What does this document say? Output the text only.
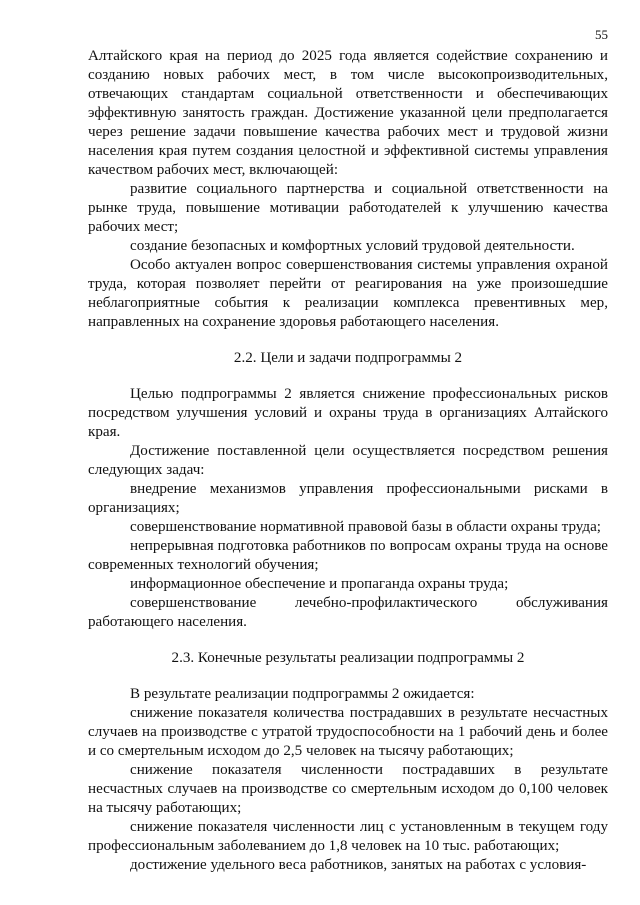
55

Алтайского края на период до 2025 года является содействие сохранению и созданию новых рабочих мест, в том числе высокопроизводительных, отвечающих стандартам социальной ответственности и обеспечивающих эффективную занятость граждан. Достижение указанной цели предполагается через решение задачи повышение качества рабочих мест и трудовой жизни населения края путем создания целостной и эффективной системы управления качеством рабочих мест, включающей:

развитие социального партнерства и социальной ответственности на рынке труда, повышение мотивации работодателей к улучшению качества рабочих мест;

создание безопасных и комфортных условий трудовой деятельности.

Особо актуален вопрос совершенствования системы управления охраной труда, которая позволяет перейти от реагирования на уже произошедшие неблагоприятные события к реализации комплекса превентивных мер, направленных на сохранение здоровья работающего населения.

2.2. Цели и задачи подпрограммы 2

Целью подпрограммы 2 является снижение профессиональных рисков посредством улучшения условий и охраны труда в организациях Алтайского края.

Достижение поставленной цели осуществляется посредством решения следующих задач:

внедрение механизмов управления профессиональными рисками в организациях;

совершенствование нормативной правовой базы в области охраны труда;

непрерывная подготовка работников по вопросам охраны труда на основе современных технологий обучения;

информационное обеспечение и пропаганда охраны труда;

совершенствование лечебно-профилактического обслуживания работающего населения.

2.3. Конечные результаты реализации подпрограммы 2

В результате реализации подпрограммы 2 ожидается:

снижение показателя количества пострадавших в результате несчастных случаев на производстве с утратой трудоспособности на 1 рабочий день и более и со смертельным исходом до 2,5 человек на тысячу работающих;

снижение показателя численности пострадавших в результате несчастных случаев на производстве со смертельным исходом до 0,100 человек на тысячу работающих;

снижение показателя численности лиц с установленным в текущем году профессиональным заболеванием до 1,8 человек на 10 тыс. работающих;

достижение удельного веса работников, занятых на работах с условия-
